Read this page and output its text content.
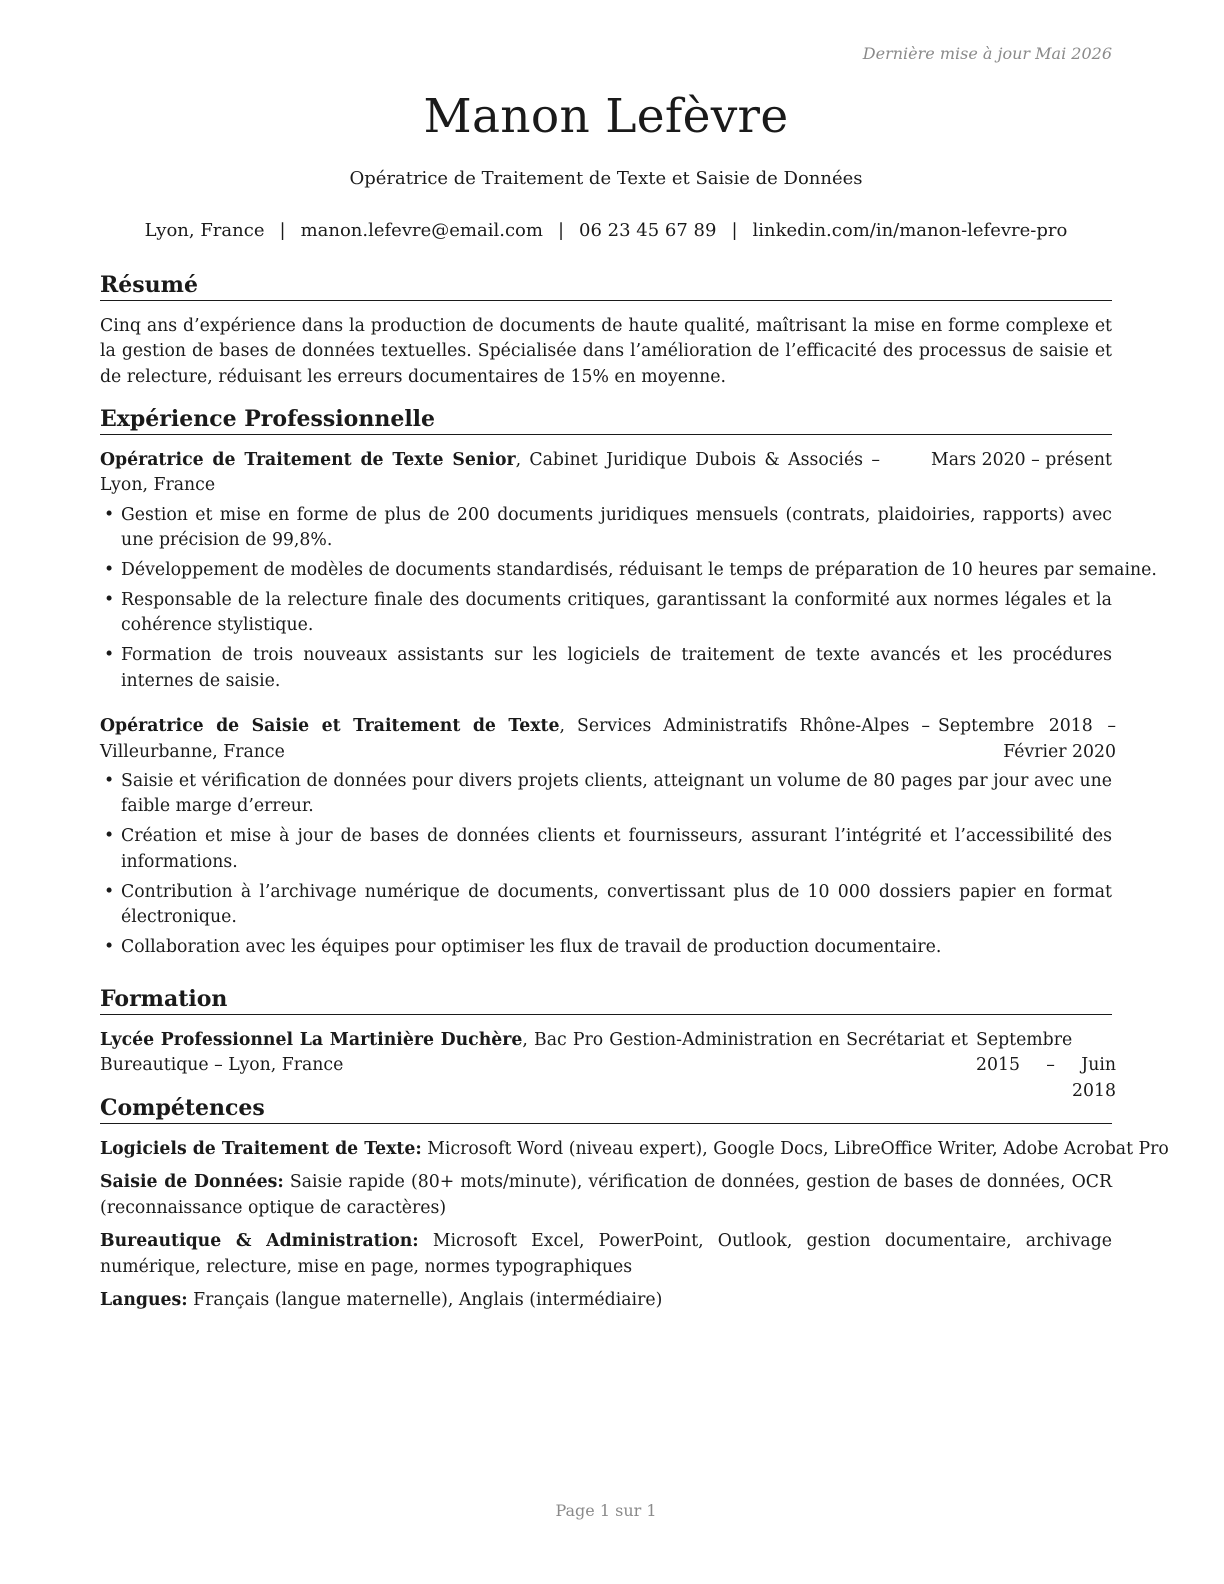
Dernière mise à jour Mai 2026
Manon Lefèvre
Opératrice de Traitement de Texte et Saisie de Données
Lyon, France | manon.lefevre@email.com | 06 23 45 67 89 | linkedin.com/in/manon-lefevre-pro
Résumé

Cinq ans d’expérience dans la production de documents de haute qualité, maîtrisant la mise en forme complexe et la gestion de bases de données textuelles. Spécialisée dans l’amélioration de l’efficacité des processus de saisie et de relecture, réduisant les erreurs documentaires de 15% en moyenne.

Expérience Professionnelle
Opératrice de Traitement de Texte Senior, Cabinet Juridique Dubois & Associés – Lyon, France
Mars 2020 – présent
• Gestion et mise en forme de plus de 200 documents juridiques mensuels (contrats, plaidoiries, rapports) avec une précision de 99,8%.
• Développement de modèles de documents standardisés, réduisant le temps de préparation de 10 heures par semaine.
• Responsable de la relecture finale des documents critiques, garantissant la conformité aux normes légales et la cohérence stylistique.
• Formation de trois nouveaux assistants sur les logiciels de traitement de texte avancés et les procédures internes de saisie.
Opératrice de Saisie et Traitement de Texte, Services Administratifs Rhône-Alpes – Villeurbanne, France
Septembre 2018 – Février 2020
• Saisie et vérification de données pour divers projets clients, atteignant un volume de 80 pages par jour avec une faible marge d’erreur.
• Création et mise à jour de bases de données clients et fournisseurs, assurant l’intégrité et l’accessibilité des informations.
• Contribution à l’archivage numérique de documents, convertissant plus de 10 000 dossiers papier en format électronique.
• Collaboration avec les équipes pour optimiser les flux de travail de production documentaire.
Formation
Lycée Professionnel La Martinière Duchère, Bac Pro Gestion-Administration en Secrétariat et Bureautique – Lyon, France
Septembre 2015 – Juin 2018
Compétences

Logiciels de Traitement de Texte: Microsoft Word (niveau expert), Google Docs, LibreOffice Writer, Adobe Acrobat Pro

Saisie de Données: Saisie rapide (80+ mots/minute), vérification de données, gestion de bases de données, OCR (reconnaissance optique de caractères)

Bureautique & Administration: Microsoft Excel, PowerPoint, Outlook, gestion documentaire, archivage numérique, relecture, mise en page, normes typographiques

Langues: Français (langue maternelle), Anglais (intermédiaire)

Page 1 sur 1
